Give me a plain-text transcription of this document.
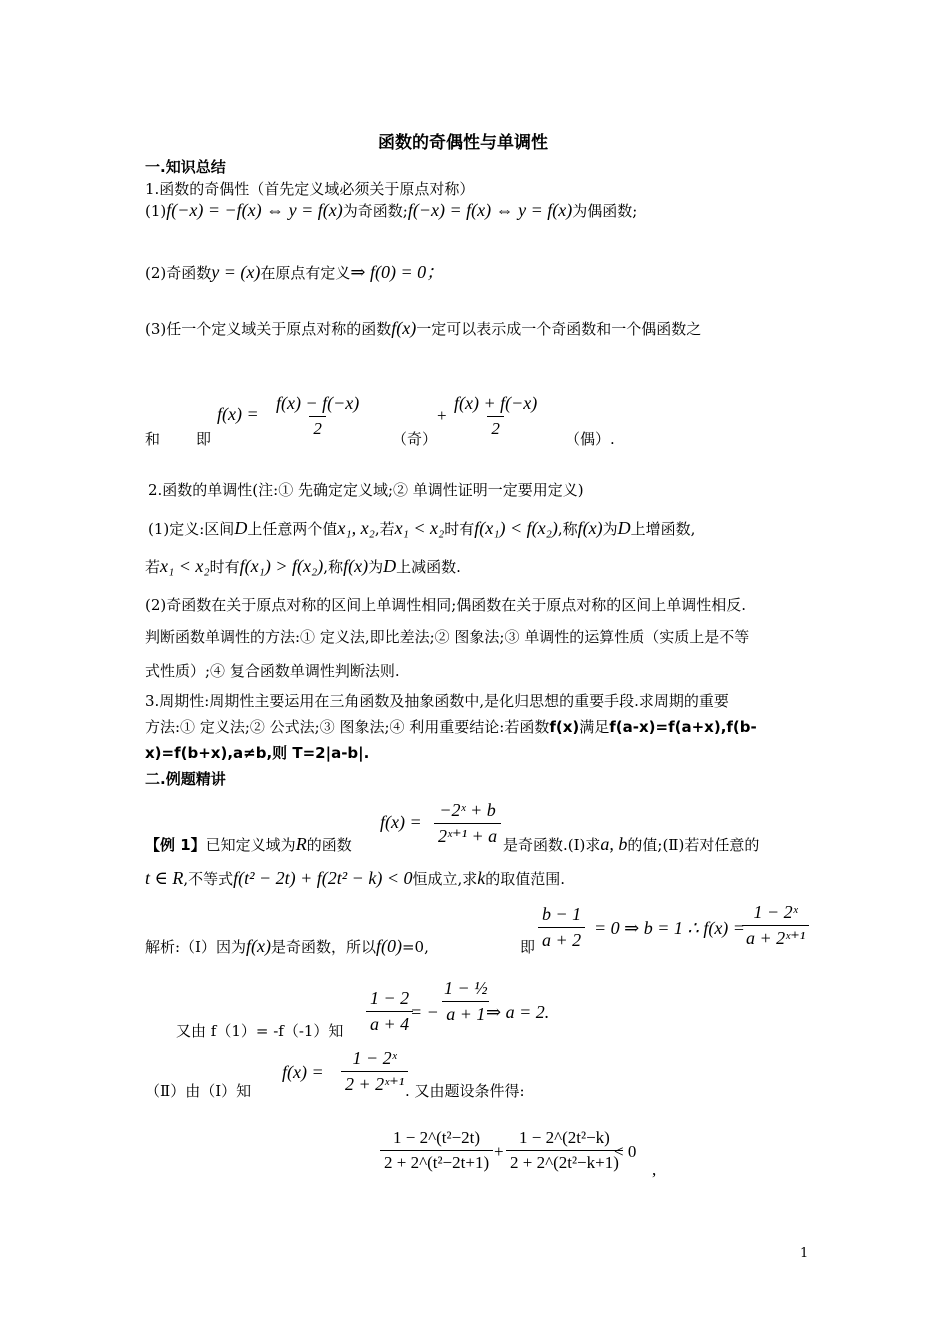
函数的奇偶性与单调性
一.知识总结
1.函数的奇偶性（首先定义域必须关于原点对称）
(1)f(−x) = −f(x) ⇔ y = f(x)为奇函数;f(−x) = f(x) ⇔ y = f(x)为偶函数;
(2)奇函数y = (x)在原点有定义⇒ f(0) = 0；
(3)任一个定义域关于原点对称的函数f(x)一定可以表示成一个奇函数和一个偶函数之
和 即
$f(x) = \frac{f(x) - f(-x)}{2}$ （奇）
+ $\frac{f(x) + f(-x)}{2}$ （偶）.
2.函数的单调性(注:① 先确定定义域;② 单调性证明一定要用定义)
(1)定义:区间D上任意两个值x₁, x₂,若x₁ < x₂时有f(x₁) < f(x₂),称f(x)为D上增函数,
若x₁ < x₂时有f(x₁) > f(x₂),称f(x)为D上减函数.
(2)奇函数在关于原点对称的区间上单调性相同;偶函数在关于原点对称的区间上单调性相反.
判断函数单调性的方法:① 定义法,即比差法;② 图象法;③ 单调性的运算性质（实质上是不等
式性质）;④ 复合函数单调性判断法则.
3.周期性:周期性主要运用在三角函数及抽象函数中,是化归思想的重要手段.求周期的重要
方法:① 定义法;② 公式法;③ 图象法;④ 利用重要结论:若函数f(x)满足f(a-x)=f(a+x),f(b-
x)=f(b+x),a≠b,则 T=2|a-b|.
二.例题精讲
【例 1】已知定义域为R的函数
$f(x) = \frac{\text{−2ˣ + b}}{\text{2ˣ⁺¹ + a}}$ 是奇函数.(Ⅰ)求a, b的值;(Ⅱ)若对任意的
t ∈ R,不等式f(t² − 2t) + f(2t² − k) < 0恒成立,求k的取值范围.
解析:（Ⅰ）因为f(x)是奇函数，所以f(0)=0,	即 $\frac{b - 1}{a + 2} = 0$ ⇒ b = 1 ∴ f(x) =
$\frac{\text{1 − 2ˣ}}{\text{a + 2ˣ⁺¹}}$
又由 f（1）= -f（-1）知 $\frac{1 - 2}{a + 4}$
= − $\frac{\text{1 − ½}}{a + 1}$
⇒ a = 2.
（Ⅱ）由（Ⅰ）知
$f(x) = \frac{\text{1 − 2ˣ}}{\text{2 + 2ˣ⁺¹}}$
. 又由题设条件得:
$\frac{\text{1 − 2\textasciicircum{}(t²−2t)}}{\text{2 + 2\textasciicircum{}(t²−2t+1)}} + \frac{\text{1 − 2\textasciicircum{}(2t²−k)}}{\text{2 + 2\textasciicircum{}(2t²−k+1)}}$
< 0
,
1
